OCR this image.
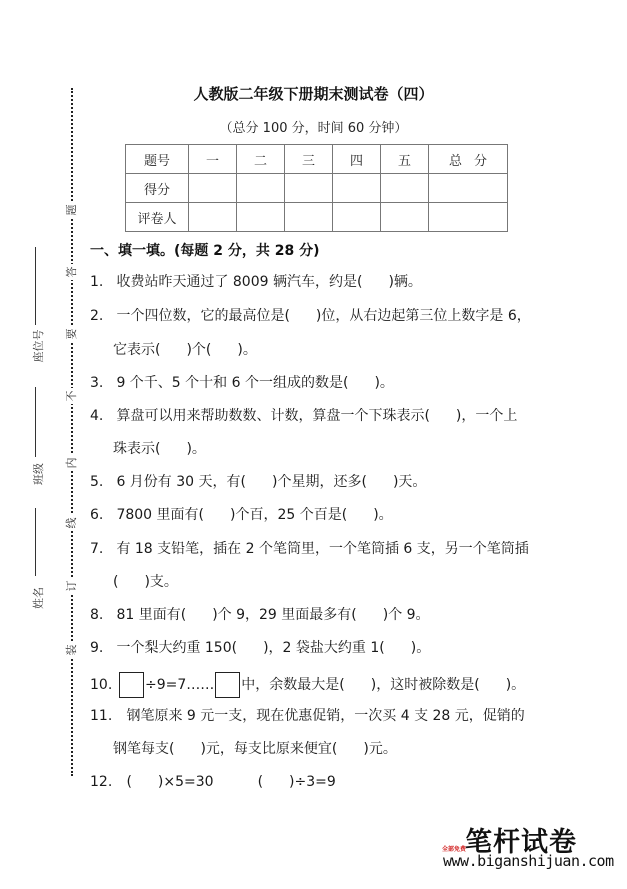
题
答
要
不
内
线
订
装
座位号
班级
姓名
人教版二年级下册期末测试卷（四）
（总分 100 分，时间 60 分钟）
题号	一	二	三	四	五	总分
得分						
评卷人						
一、填一填。(每题 2 分，共 28 分)
1. 收费站昨天通过了 8009 辆汽车，约是( )辆。
2. 一个四位数，它的最高位是( )位，从右边起第三位上数字是 6，
它表示( )个( )。
3. 9 个千、5 个十和 6 个一组成的数是( )。
4. 算盘可以用来帮助数数、计数，算盘一个下珠表示( )，一个上
珠表示( )。
5. 6 月份有 30 天，有( )个星期，还多( )天。
6. 7800 里面有( )个百，25 个百是( )。
7. 有 18 支铅笔，插在 2 个笔筒里，一个笔筒插 6 支，另一个笔筒插
( )支。
8. 81 里面有( )个 9，29 里面最多有( )个 9。
9. 一个梨大约重 150( )，2 袋盐大约重 1( )。
10. ÷9=7…… 中，余数最大是( )，这时被除数是( )。
11. 钢笔原来 9 元一支，现在优惠促销，一次买 4 支 28 元，促销的
钢笔每支( )元，每支比原来便宜( )元。
12. ( )×5=30	( )÷3=9
笔杆试卷
全部免费
www.biganshijuan.com
